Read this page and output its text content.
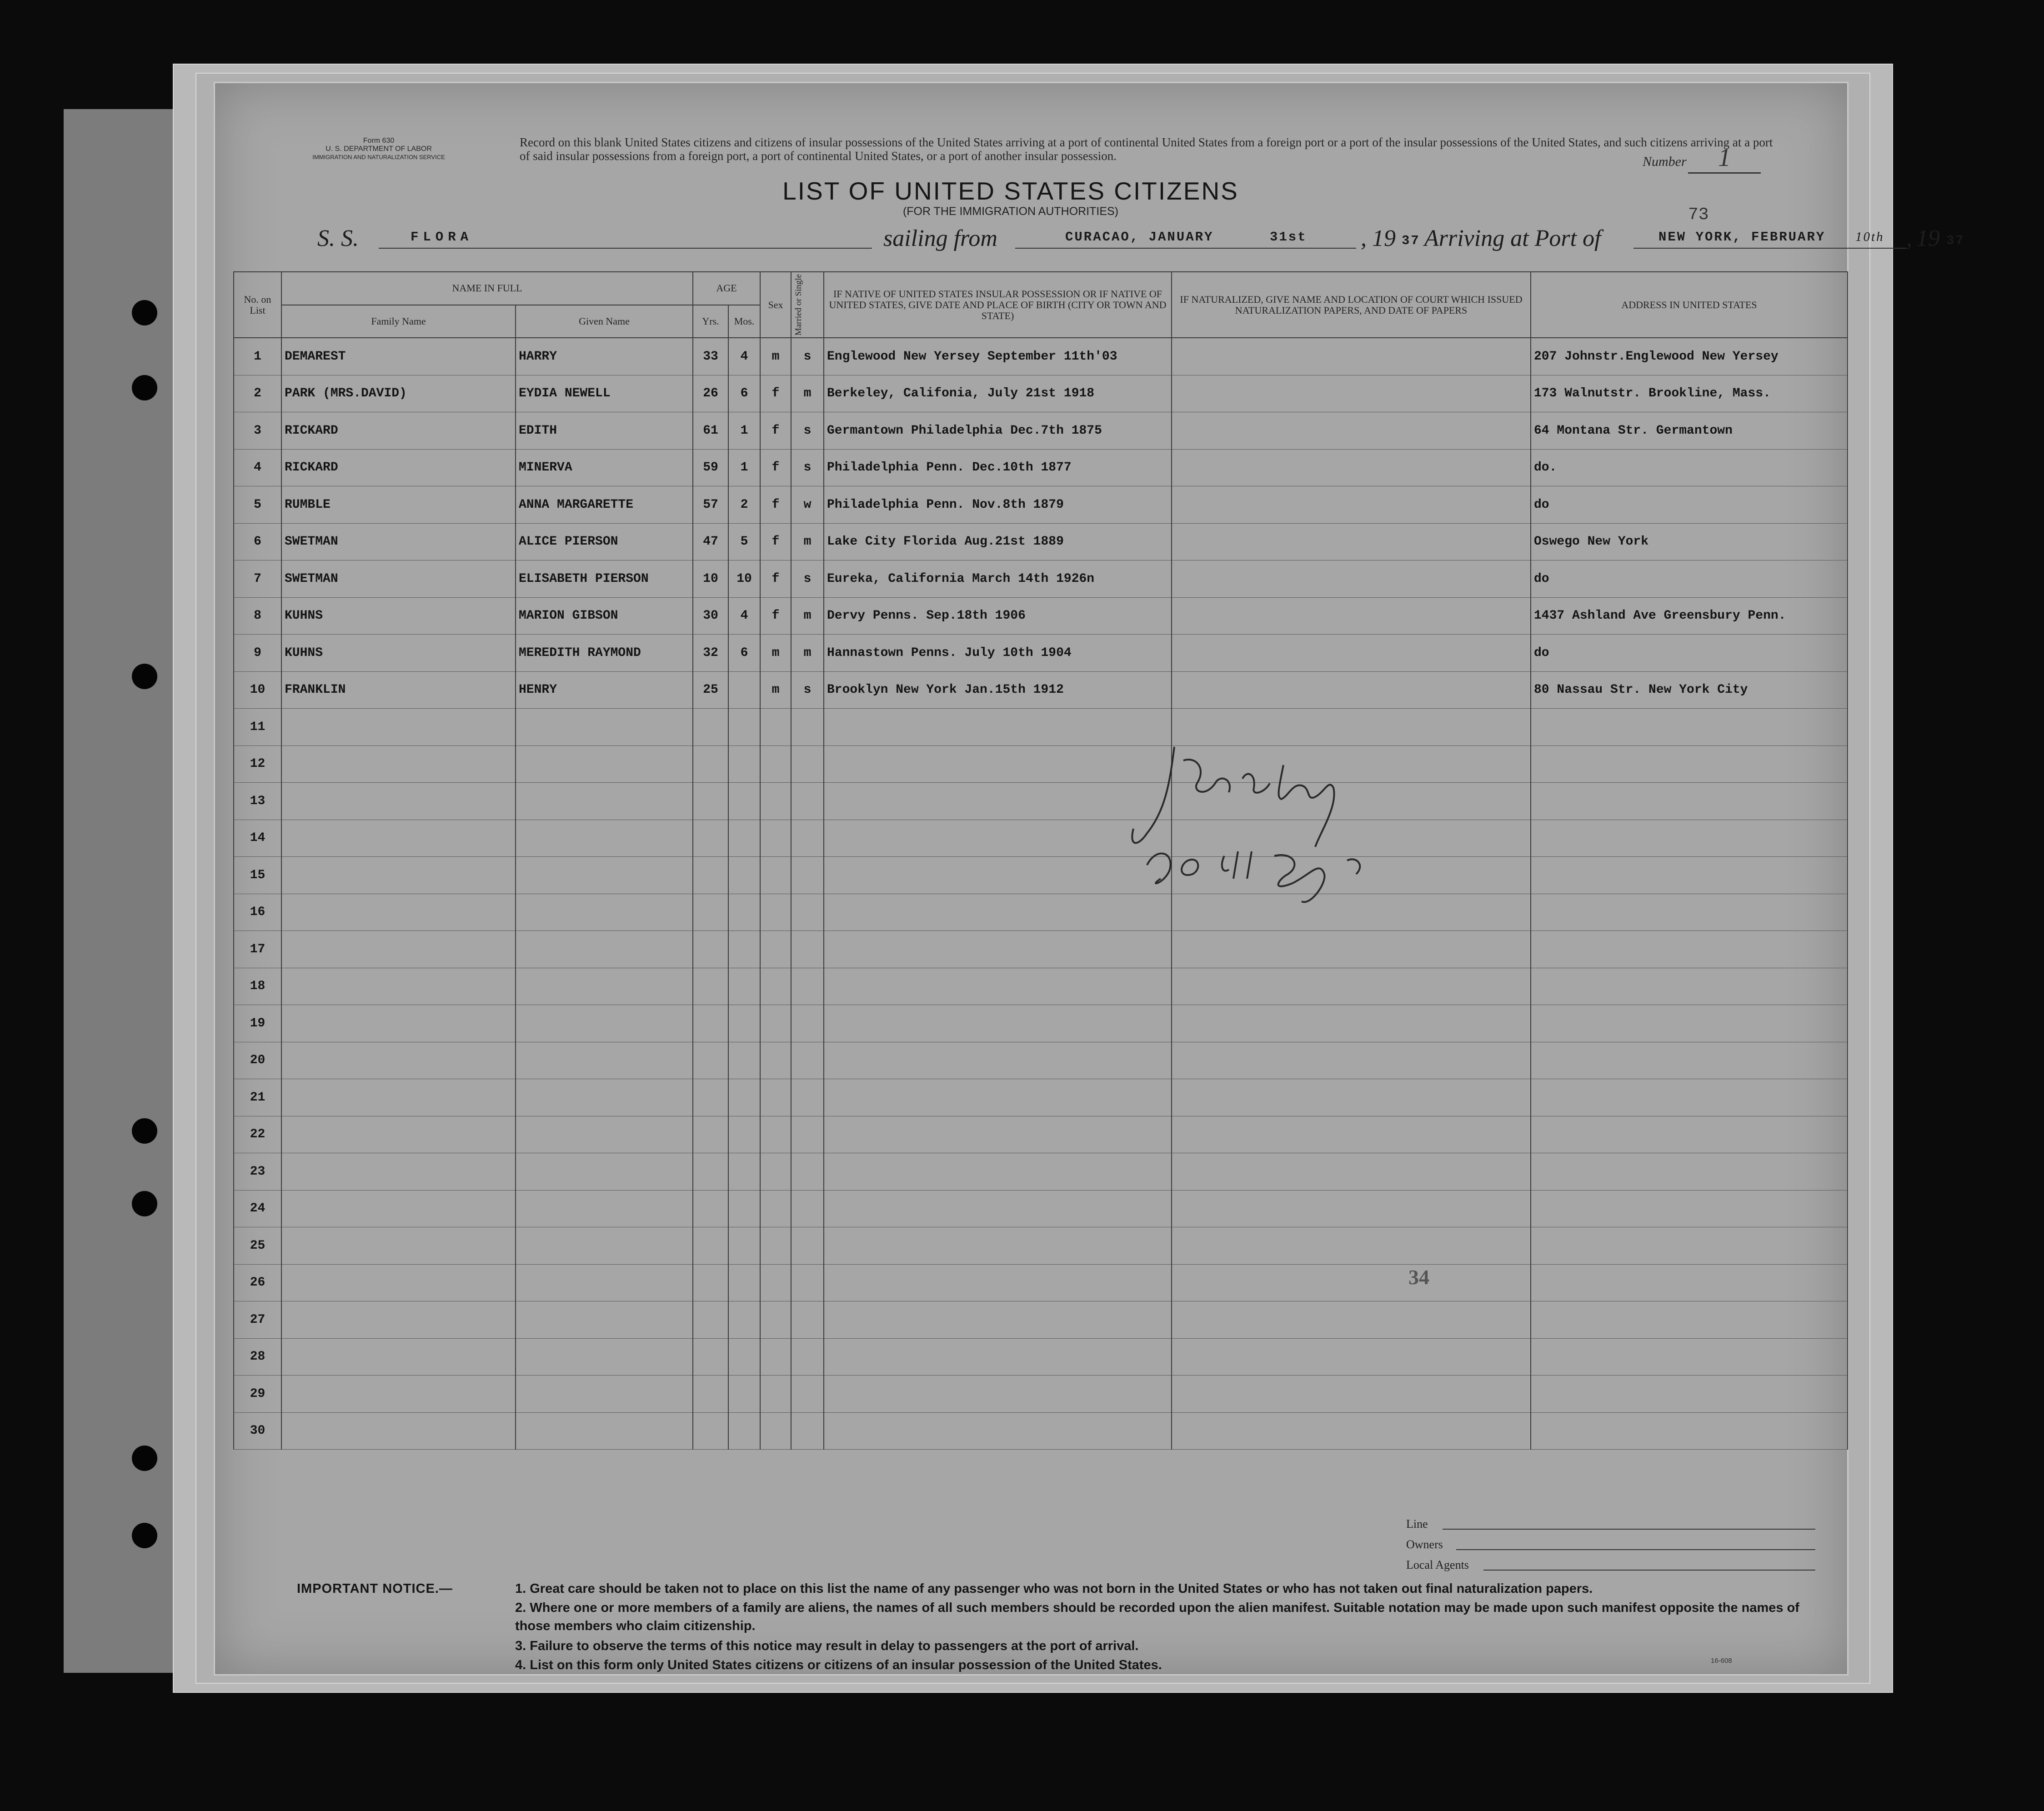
Form 630
U. S. DEPARTMENT OF LABOR
IMMIGRATION AND NATURALIZATION SERVICE
Record on this blank United States citizens and citizens of insular possessions of the United States arriving at a port of continental United States from a foreign port or a port of the insular possessions of the United States, and such citizens arriving at a port of said insular possessions from a foreign port, a port of continental United States, or a port of another insular possession.	Number	1
73
LIST OF UNITED STATES CITIZENS
(FOR THE IMMIGRATION AUTHORITIES)
S. S.	FLORA	sailing from	CURACAO, JANUARY	31st , 19 37 Arriving at Port of	NEW YORK, FEBRUARY 10th , 19 37
No. on List	NAME IN FULL		AGE		Sex	Married or Single	IF NATIVE OF UNITED STATES INSULAR POSSESSION OR IF NATIVE OF UNITED STATES, GIVE DATE AND PLACE OF BIRTH (CITY OR TOWN AND STATE)	IF NATURALIZED, GIVE NAME AND LOCATION OF COURT WHICH ISSUED NATURALIZATION PAPERS, AND DATE OF PAPERS	ADDRESS IN UNITED STATES
	Family Name	Given Name	Yrs.	Mos.					
1	DEMAREST	HARRY	33	4	m	s	Englewood New Yersey September 11th'03		207 Johnstr.Englewood New Yersey
2	PARK (MRS.DAVID)	EYDIA NEWELL	26	6	f	m	Berkeley, Califonia, July 21st 1918		173 Walnutstr. Brookline, Mass.
3	RICKARD	EDITH	61	1	f	s	Germantown Philadelphia Dec.7th 1875		64 Montana Str. Germantown
4	RICKARD	MINERVA	59	1	f	s	Philadelphia Penn. Dec.10th 1877		do.
5	RUMBLE	ANNA MARGARETTE	57	2	f	w	Philadelphia Penn. Nov.8th 1879		do
6	SWETMAN	ALICE PIERSON	47	5	f	m	Lake City Florida Aug.21st 1889		Oswego New York
7	SWETMAN	ELISABETH PIERSON	10	10	f	s	Eureka, California March 14th 1926n		do
8	KUHNS	MARION GIBSON	30	4	f	m	Dervy Penns. Sep.18th 1906		1437 Ashland Ave Greensbury Penn.
9	KUHNS	MEREDITH RAYMOND	32	6	m	m	Hannastown Penns. July 10th 1904		do
10	FRANKLIN	HENRY	25		m	s	Brooklyn New York Jan.15th 1912		80 Nassau Str. New York City
11									
12									
13									
14									
15									
16									
17									
18									
19									
20									
21									
22									
23									
24									
25									
26									
27									
28									
29									
30									
J. M. Olding 230 Oct Sumpf Jr
34
Line
Owners
Local Agents
IMPORTANT NOTICE.—	1. Great care should be taken not to place on this list the name of any passenger who was not born in the United States or who has not taken out final naturalization papers.
2. Where one or more members of a family are aliens, the names of all such members should be recorded upon the alien manifest. Suitable notation may be made upon such manifest opposite the names of those members who claim citizenship.
3. Failure to observe the terms of this notice may result in delay to passengers at the port of arrival.
4. List on this form only United States citizens or citizens of an insular possession of the United States.	16-608
